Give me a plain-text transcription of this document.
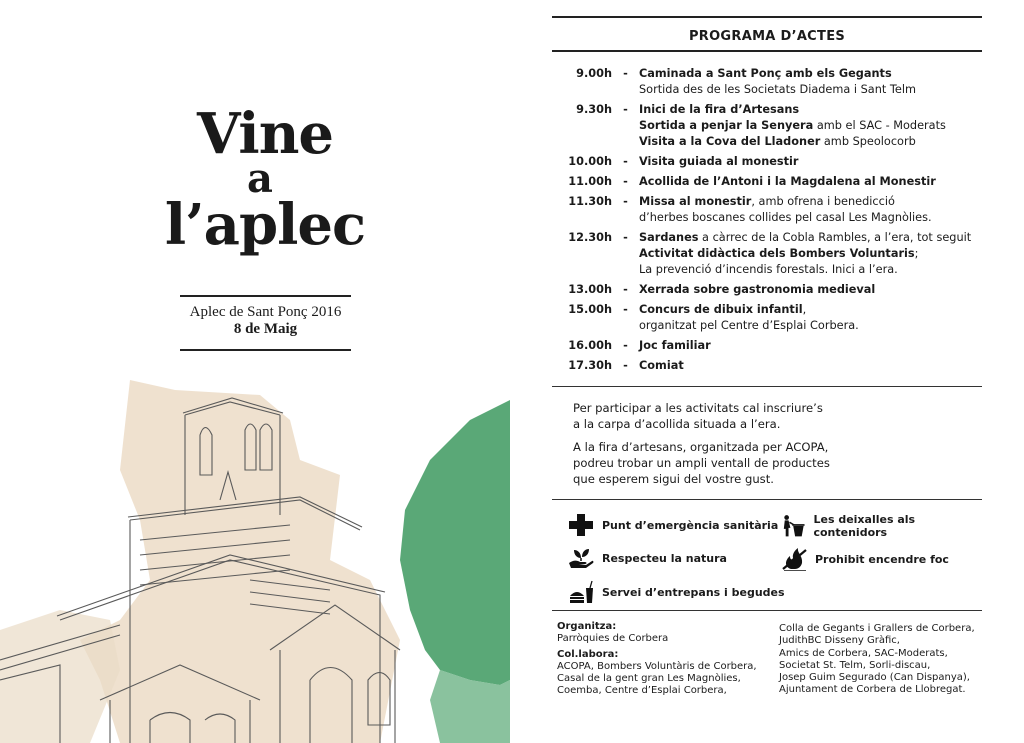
Vine
a
l’aplec
Aplec de Sant Ponç 2016
8 de Maig
PROGRAMA D’ACTES
9.00h - Caminada a Sant Ponç amb els Gegants
Sortida des de les Societats Diadema i Sant Telm
9.30h - Inici de la fira d’Artesans
Sortida a penjar la Senyera amb el SAC - Moderats
Visita a la Cova del Lladoner amb Speolocorb
10.00h - Visita guiada al monestir
11.00h - Acollida de l’Antoni i la Magdalena al Monestir
11.30h - Missa al monestir, amb ofrena i benedicció
d’herbes boscanes collides pel casal Les Magnòlies.
12.30h - Sardanes a càrrec de la Cobla Rambles, a l’era, tot seguit
Activitat didàctica dels Bombers Voluntaris;
La prevenció d’incendis forestals. Inici a l’era.
13.00h - Xerrada sobre gastronomia medieval
15.00h - Concurs de dibuix infantil,
organitzat pel Centre d’Esplai Corbera.
16.00h - Joc familiar
17.30h - Comiat

Per participar a les activitats cal inscriure’s
a la carpa d’acollida situada a l’era.

A la fira d’artesans, organitzada per ACOPA,
podreu trobar un ampli ventall de productes
que esperem sigui del vostre gust.

Punt d’emergència sanitària
Respecteu la natura
Servei d’entrepans i begudes
Les deixalles als contenidors
Prohibit encendre foc
Organitza:
Parròquies de Corbera
Col.labora:
ACOPA, Bombers Voluntàris de Corbera,
Casal de la gent gran Les Magnòlies,
Coemba, Centre d’Esplai Corbera,
Colla de Gegants i Grallers de Corbera,
JudithBC Disseny Gràfic,
Amics de Corbera, SAC-Moderats,
Societat St. Telm, Sorli-discau,
Josep Guim Segurado (Can Dispanya),
Ajuntament de Corbera de Llobregat.
